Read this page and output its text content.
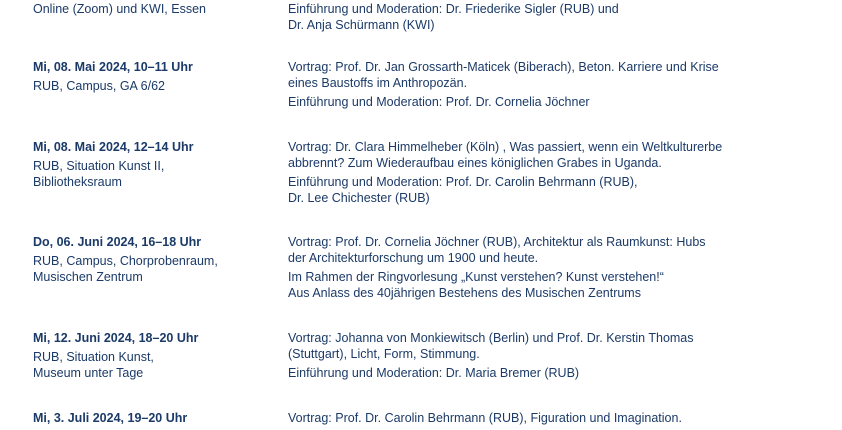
Online (Zoom) und KWI, Essen	Einführung und Moderation: Dr. Friederike Sigler (RUB) und
Dr. Anja Schürmann (KWI)
Mi, 08. Mai 2024, 10–11 Uhr
RUB, Campus, GA 6/62
Vortrag: Prof. Dr. Jan Grossarth-Maticek (Biberach), Beton. Karriere und Krise
eines Baustoffs im Anthropozän.
Einführung und Moderation: Prof. Dr. Cornelia Jöchner
Mi, 08. Mai 2024, 12–14 Uhr
RUB, Situation Kunst II,
Bibliotheksraum
Vortrag: Dr. Clara Himmelheber (Köln) , Was passiert, wenn ein Weltkulturerbe
abbrennt? Zum Wiederaufbau eines königlichen Grabes in Uganda.
Einführung und Moderation: Prof. Dr. Carolin Behrmann (RUB),
Dr. Lee Chichester (RUB)
Do, 06. Juni 2024, 16–18 Uhr
RUB, Campus, Chorprobenraum,
Musischen Zentrum
Vortrag: Prof. Dr. Cornelia Jöchner (RUB), Architektur als Raumkunst: Hubs
der Architekturforschung um 1900 und heute.
Im Rahmen der Ringvorlesung „Kunst verstehen? Kunst verstehen!“
Aus Anlass des 40jährigen Bestehens des Musischen Zentrums
Mi, 12. Juni 2024, 18–20 Uhr
RUB, Situation Kunst,
Museum unter Tage
Vortrag: Johanna von Monkiewitsch (Berlin) und Prof. Dr. Kerstin Thomas
(Stuttgart), Licht, Form, Stimmung.
Einführung und Moderation: Dr. Maria Bremer (RUB)
Mi, 3. Juli 2024, 19–20 Uhr	Vortrag: Prof. Dr. Carolin Behrmann (RUB), Figuration und Imagination.
